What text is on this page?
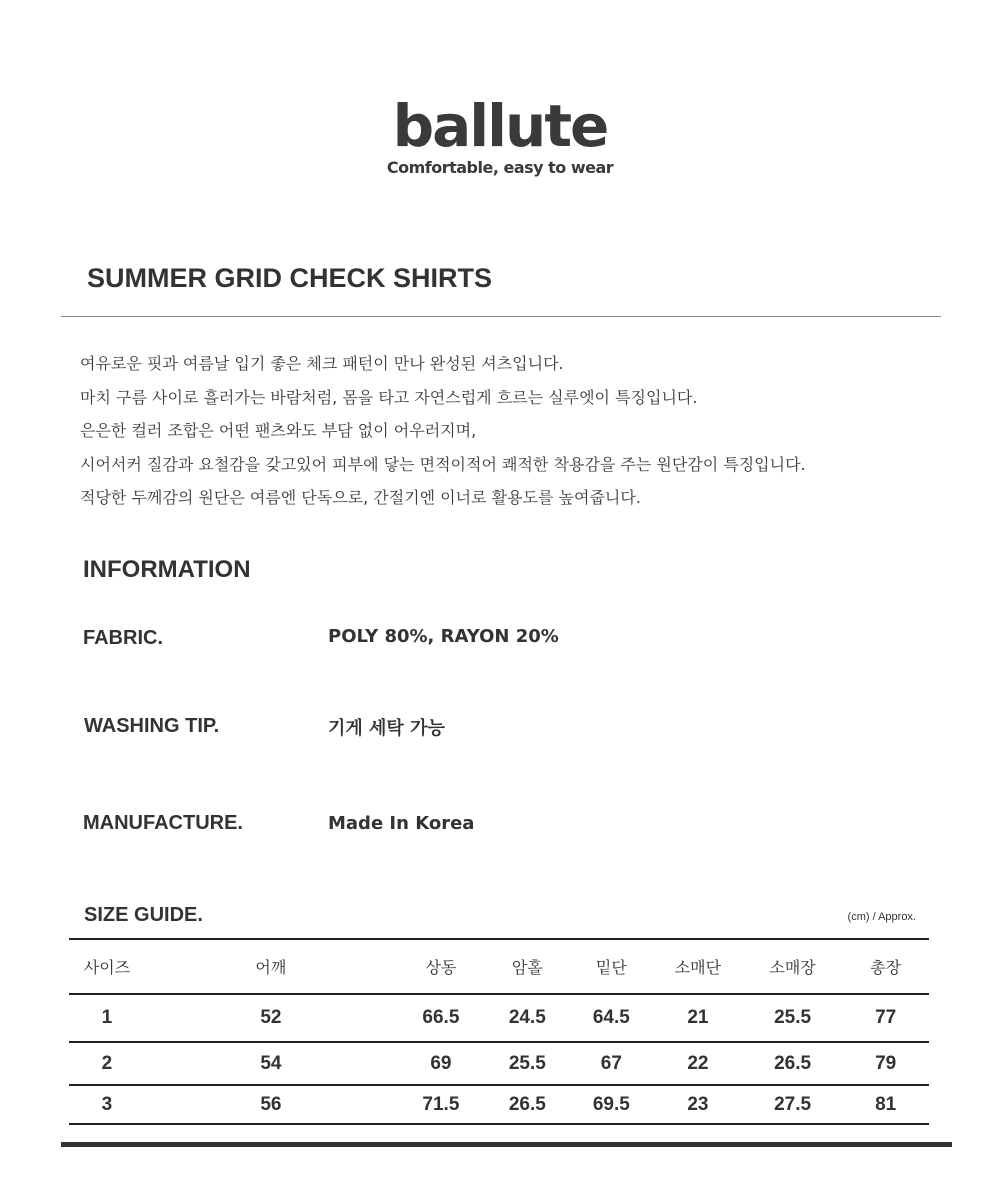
ballute
Comfortable, easy to wear
SUMMER GRID CHECK SHIRTS
여유로운 핏과 여름날 입기 좋은 체크 패턴이 만나 완성된 셔츠입니다.
마치 구름 사이로 흘러가는 바람처럼, 몸을 타고 자연스럽게 흐르는 실루엣이 특징입니다.
은은한 컬러 조합은 어떤 팬츠와도 부담 없이 어우러지며,
시어서커 질감과 요철감을 갖고있어 피부에 닿는 면적이적어 쾌적한 착용감을 주는 원단감이 특징입니다.
적당한 두께감의 원단은 여름엔 단독으로, 간절기엔 이너로 활용도를 높여줍니다.
INFORMATION
FABRIC.	POLY 80%, RAYON 20%
WASHING TIP.	기게 세탁 가능
MANUFACTURE.	Made In Korea
SIZE GUIDE.	(cm) / Approx.
사이즈	어깨	상동	암홀	밑단	소매단	소매장	총장
1	52	66.5	24.5	64.5	21	25.5	77
2	54	69	25.5	67	22	26.5	79
3	56	71.5	26.5	69.5	23	27.5	81
